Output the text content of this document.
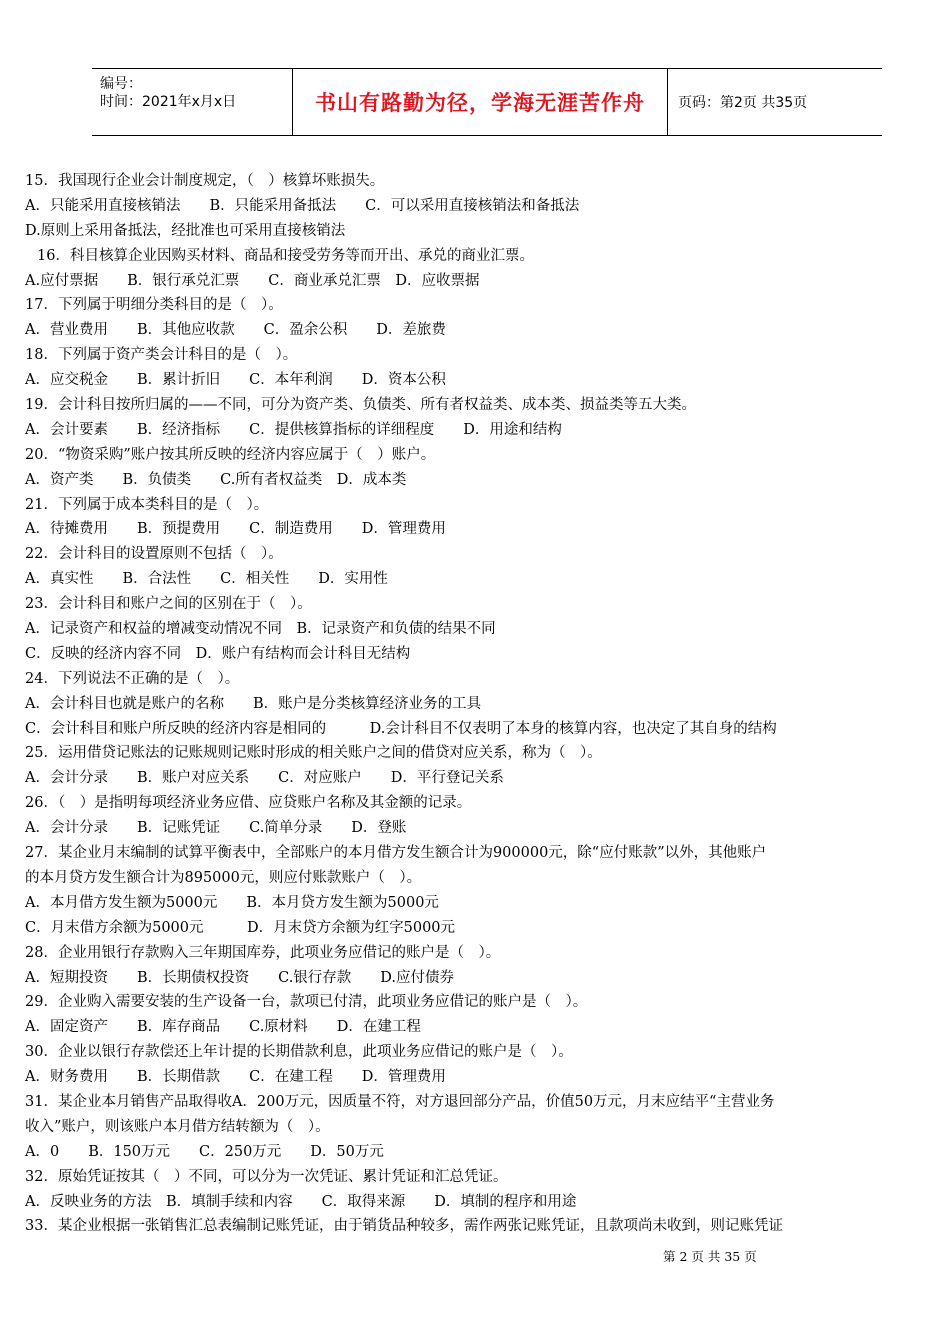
编号：
时间：2021年x月x日	书山有路勤为径，学海无涯苦作舟 页码：第2页 共35页
15．我国现行企业会计制度规定，（　）核算坏账损失。
A．只能采用直接核销法　　B．只能采用备抵法　　C．可以采用直接核销法和备抵法
D.原则上采用备抵法，经批准也可采用直接核销法
16．科目核算企业因购买材料、商品和接受劳务等而开出、承兑的商业汇票。
A.应付票据　　B．银行承兑汇票　　C．商业承兑汇票　D．应收票据
17．下列属于明细分类科目的是（　）。
A．营业费用　　B．其他应收款　　C．盈余公积　　D．差旅费
18．下列属于资产类会计科目的是（　）。
A．应交税金　　B．累计折旧　　C．本年利润　　D．资本公积
19．会计科目按所归属的——不同，可分为资产类、负债类、所有者权益类、成本类、损益类等五大类。
A．会计要素　　B．经济指标　　C．提供核算指标的详细程度　　D．用途和结构
20．“物资采购”账户按其所反映的经济内容应属于（　）账户。
A．资产类　　B．负债类　　C.所有者权益类　D．成本类
21．下列属于成本类科目的是（　）。
A．待摊费用　　B．预提费用　　C．制造费用　　D．管理费用
22．会计科目的设置原则不包括（　）。
A．真实性　　B．合法性　　C．相关性　　D．实用性
23．会计科目和账户之间的区别在于（　）。
A．记录资产和权益的增减变动情况不同　B．记录资产和负债的结果不同
C．反映的经济内容不同　D．账户有结构而会计科目无结构
24．下列说法不正确的是（　）。
A．会计科目也就是账户的名称　　B．账户是分类核算经济业务的工具
C．会计科目和账户所反映的经济内容是相同的　　　D.会计科目不仅表明了本身的核算内容，也决定了其自身的结构
25．运用借贷记账法的记账规则记账时形成的相关账户之间的借贷对应关系，称为（　）。
A．会计分录　　B．账户对应关系　　C．对应账户　　D．平行登记关系
26．（　）是指明每项经济业务应借、应贷账户名称及其金额的记录。
A．会计分录　　B．记账凭证　　C.简单分录　　D．登账
27．某企业月末编制的试算平衡表中，全部账户的本月借方发生额合计为900000元，除“应付账款”以外，其他账户
的本月贷方发生额合计为895000元，则应付账款账户（　）。
A．本月借方发生额为5000元　　B．本月贷方发生额为5000元
C．月末借方余额为5000元　　　D．月末贷方余额为红字5000元
28．企业用银行存款购入三年期国库券，此项业务应借记的账户是（　）。
A．短期投资　　B．长期债权投资　　C.银行存款　　D.应付债券
29．企业购入需要安装的生产设备一台，款项已付清，此项业务应借记的账户是（　）。
A．固定资产　　B．库存商品　　C.原材料　　D．在建工程
30．企业以银行存款偿还上年计提的长期借款利息，此项业务应借记的账户是（　）。
A．财务费用　　B．长期借款　　C．在建工程　　D．管理费用
31．某企业本月销售产品取得收A．200万元，因质量不符，对方退回部分产品，价值50万元，月末应结平“主营业务
收入”账户，则该账户本月借方结转额为（　）。
A．0　　B．150万元　　C．250万元　　D．50万元
32．原始凭证按其（　）不同，可以分为一次凭证、累计凭证和汇总凭证。
A．反映业务的方法　B．填制手续和内容　　C．取得来源　　D．填制的程序和用途
33．某企业根据一张销售汇总表编制记账凭证，由于销货品种较多，需作两张记账凭证，且款项尚未收到，则记账凭证
第 2 页 共 35 页
